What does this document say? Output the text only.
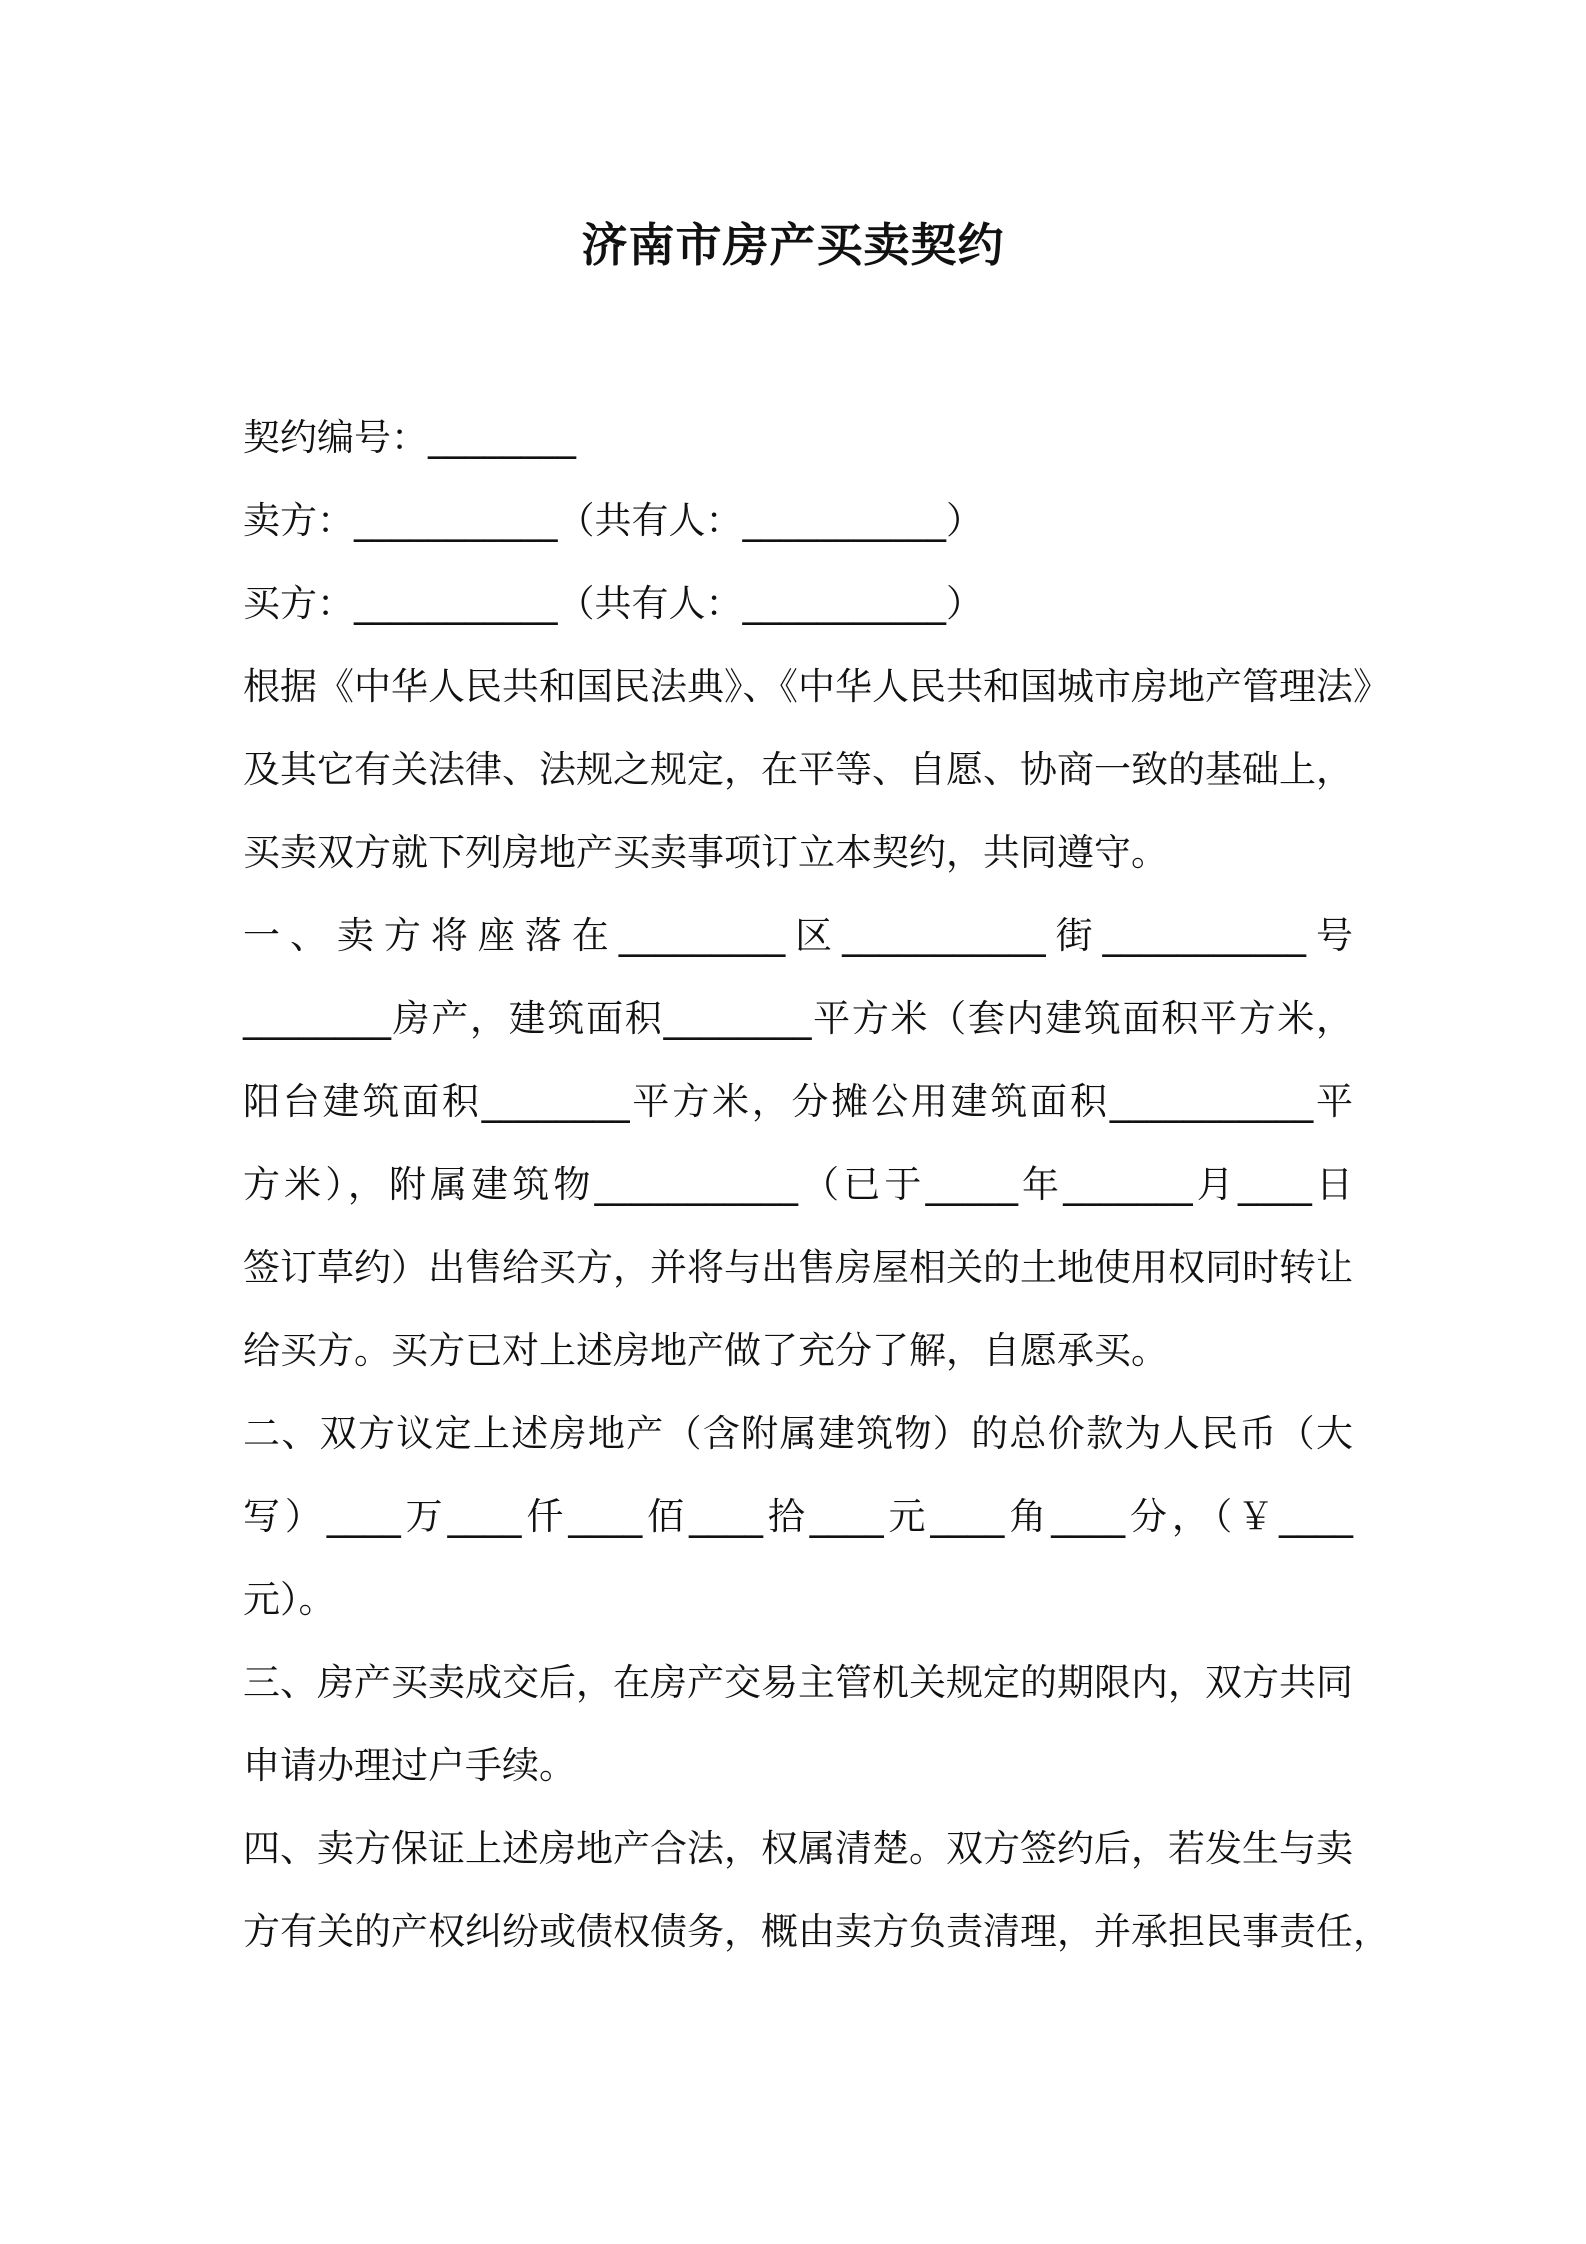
济南市房产买卖契约

契约编号：________

卖方：___________（共有人：___________）

买方：___________（共有人：___________）

根据《中华人民共和国民法典》、《中华人民共和国城市房地产管理法》

及其它有关法律、法规之规定，在平等、自愿、协商一致的基础上，

买卖双方就下列房地产买卖事项订立本契约，共同遵守。

一、卖方将座落在_________区___________街___________号

________房产，建筑面积________平方米（套内建筑面积平方米，

阳台建筑面积________平方米，分摊公用建筑面积___________平

方米），附属建筑物___________（已于_____年_______月____日

签订草约）出售给买方，并将与出售房屋相关的土地使用权同时转让

给买方。买方已对上述房地产做了充分了解，自愿承买。

二、双方议定上述房地产（含附属建筑物）的总价款为人民币（大

写）____万____仟____佰____拾____元____角____分，（￥____

元）。

三、房产买卖成交后，在房产交易主管机关规定的期限内，双方共同

申请办理过户手续。

四、卖方保证上述房地产合法，权属清楚。双方签约后，若发生与卖

方有关的产权纠纷或债权债务，概由卖方负责清理，并承担民事责任，
